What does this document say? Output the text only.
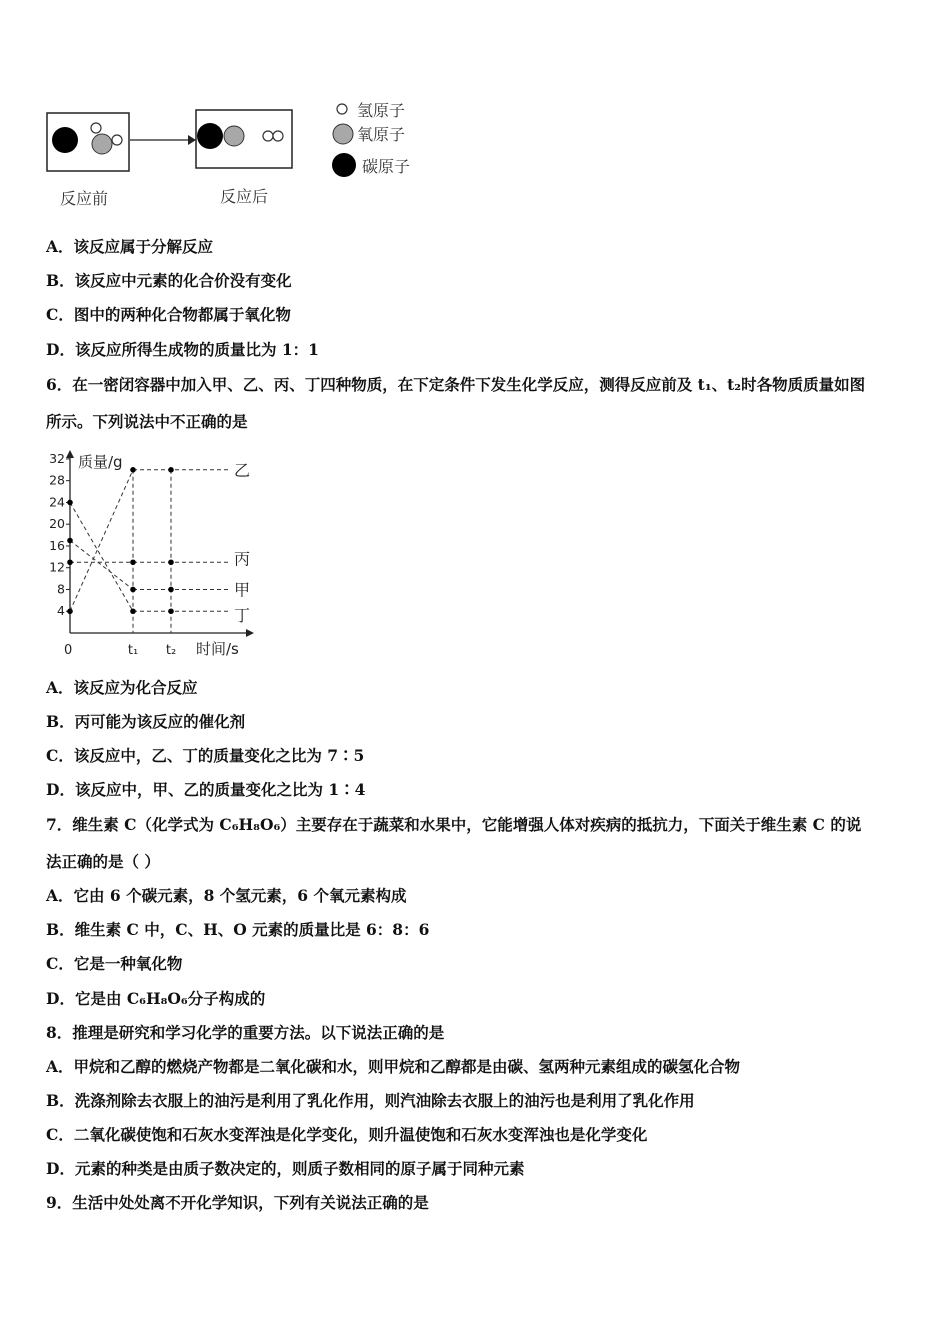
反应前	反应后
氢原子
氧原子
碳原子
A．该反应属于分解反应
B．该反应中元素的化合价没有变化
C．图中的两种化合物都属于氧化物
D．该反应所得生成物的质量比为 1：1
6．在一密闭容器中加入甲、乙、丙、丁四种物质，在下定条件下发生化学反应，测得反应前及 t₁、t₂时各物质质量如图
所示。下列说法中不正确的是
质量/g
时间/s
0
4
8
12
16
20
24
28
32
t₁ t₂
乙
丙
甲
丁
A．该反应为化合反应
B．丙可能为该反应的催化剂
C．该反应中，乙、丁的质量变化之比为 7∶5
D．该反应中，甲、乙的质量变化之比为 1∶4
7．维生素 C（化学式为 C₆H₈O₆）主要存在于蔬菜和水果中，它能增强人体对疾病的抵抗力，下面关于维生素 C 的说
法正确的是（ ）
A．它由 6 个碳元素，8 个氢元素，6 个氧元素构成
B．维生素 C 中，C、H、O 元素的质量比是 6：8：6
C．它是一种氧化物
D．它是由 C₆H₈O₆分子构成的
8．推理是研究和学习化学的重要方法。以下说法正确的是
A．甲烷和乙醇的燃烧产物都是二氧化碳和水，则甲烷和乙醇都是由碳、氢两种元素组成的碳氢化合物
B．洗涤剂除去衣服上的油污是利用了乳化作用，则汽油除去衣服上的油污也是利用了乳化作用
C．二氧化碳使饱和石灰水变浑浊是化学变化，则升温使饱和石灰水变浑浊也是化学变化
D．元素的种类是由质子数决定的，则质子数相同的原子属于同种元素
9．生活中处处离不开化学知识，下列有关说法正确的是
